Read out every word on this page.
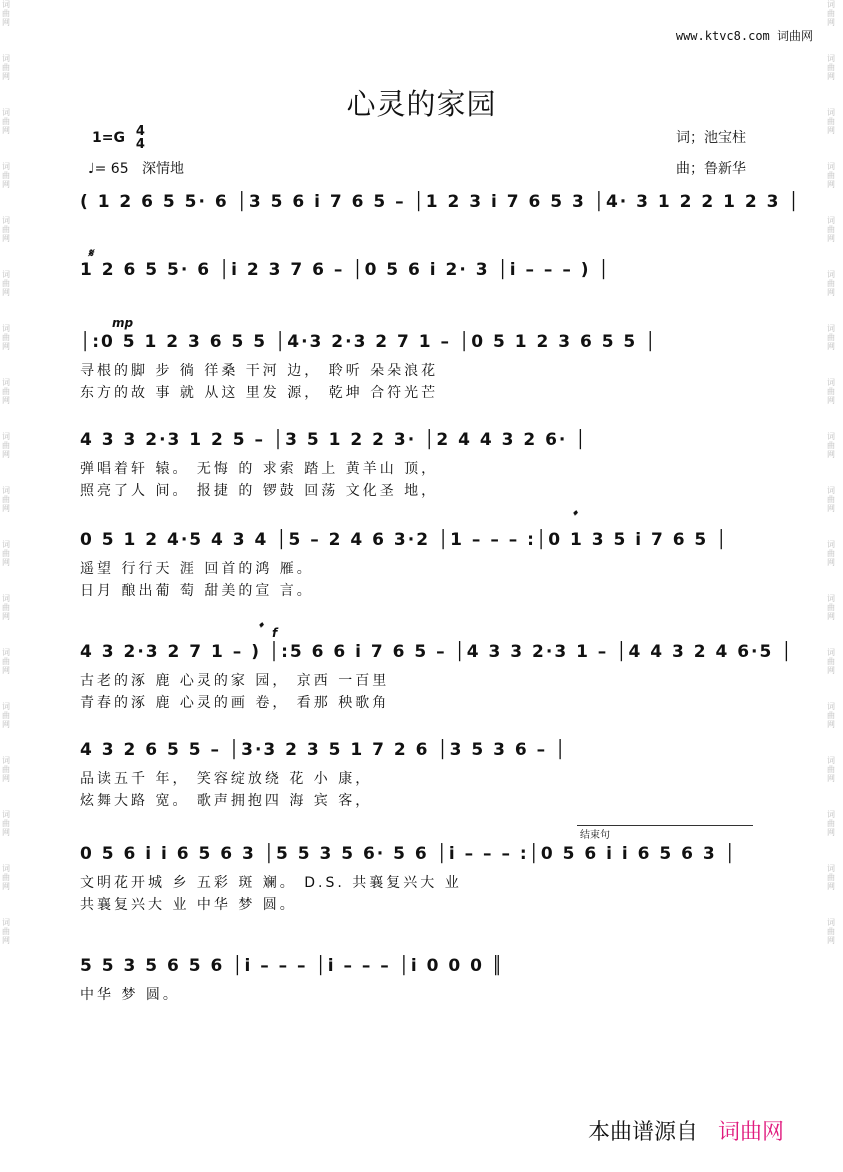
词曲网
词曲网
词曲网
词曲网
词曲网
词曲网
词曲网
词曲网
词曲网
词曲网
词曲网
词曲网
词曲网
词曲网
词曲网
词曲网
词曲网
词曲网
词曲网
词曲网
词曲网
词曲网
词曲网
词曲网
词曲网
词曲网
词曲网
词曲网
词曲网
词曲网
词曲网
词曲网
词曲网
词曲网
词曲网
词曲网
www.ktvc8.com 词曲网
心灵的家园
1=G 4
4
♩= 65 深情地
词；池宝柱
曲；鲁新华
( 1 2 6 5 5· 6 │3 5 6 i 7 6 5 – │1 2 3 i 7 6 5 3 │4· 3 1 2 2 1 2 3 │
𝄋
1 2 6 5 5· 6 │i 2 3 7 6 – │0 5 6 i 2· 3 │i – – – ) │
mp
│:0 5 1 2 3 6 5 5 │4·3 2·3 2 7 1 – │0 5 1 2 3 6 5 5 │
寻根的脚 步 徜 徉桑 干河 边， 聆听 朵朵浪花
东方的故 事 就 从这 里发 源， 乾坤 合符光芒
4 3 3 2·3 1 2 5 – │3 5 1 2 2 3· │2 4 4 3 2 6· │
弹唱着轩 辕。 无悔 的 求索 踏上 黄羊山 顶，
照亮了人 间。 报捷 的 锣鼓 回荡 文化圣 地，
𝄌
0 5 1 2 4·5 4 3 4 │5 – 2 4 6 3·2 │1 – – – :│0 1 3 5 i 7 6 5 │
遥望 行行天 涯 回首的鸿 雁。
日月 酿出葡 萄 甜美的宣 言。
𝄌 f
4 3 2·3 2 7 1 – ) │:5 6 6 i 7 6 5 – │4 3 3 2·3 1 – │4 4 3 2 4 6·5 │
古老的涿 鹿 心灵的家 园， 京西 一百里
青春的涿 鹿 心灵的画 卷， 看那 秧歌角
4 3 2 6 5 5 – │3·3 2 3 5 1 7 2 6 │3 5 3 6 – │
品读五千 年， 笑容绽放绕 花 小 康，
炫舞大路 宽。 歌声拥抱四 海 宾 客，
结束句
0 5 6 i i 6 5 6 3 │5 5 3 5 6· 5 6 │i – – – :│0 5 6 i i 6 5 6 3 │
文明花开城 乡 五彩 斑 斓。 D.S. 共襄复兴大 业
共襄复兴大 业 中华 梦 圆。
5 5 3 5 6 5 6 │i – – – │i – – – │i 0 0 0 ║
中华 梦 圆。
本曲谱源自 词曲网
